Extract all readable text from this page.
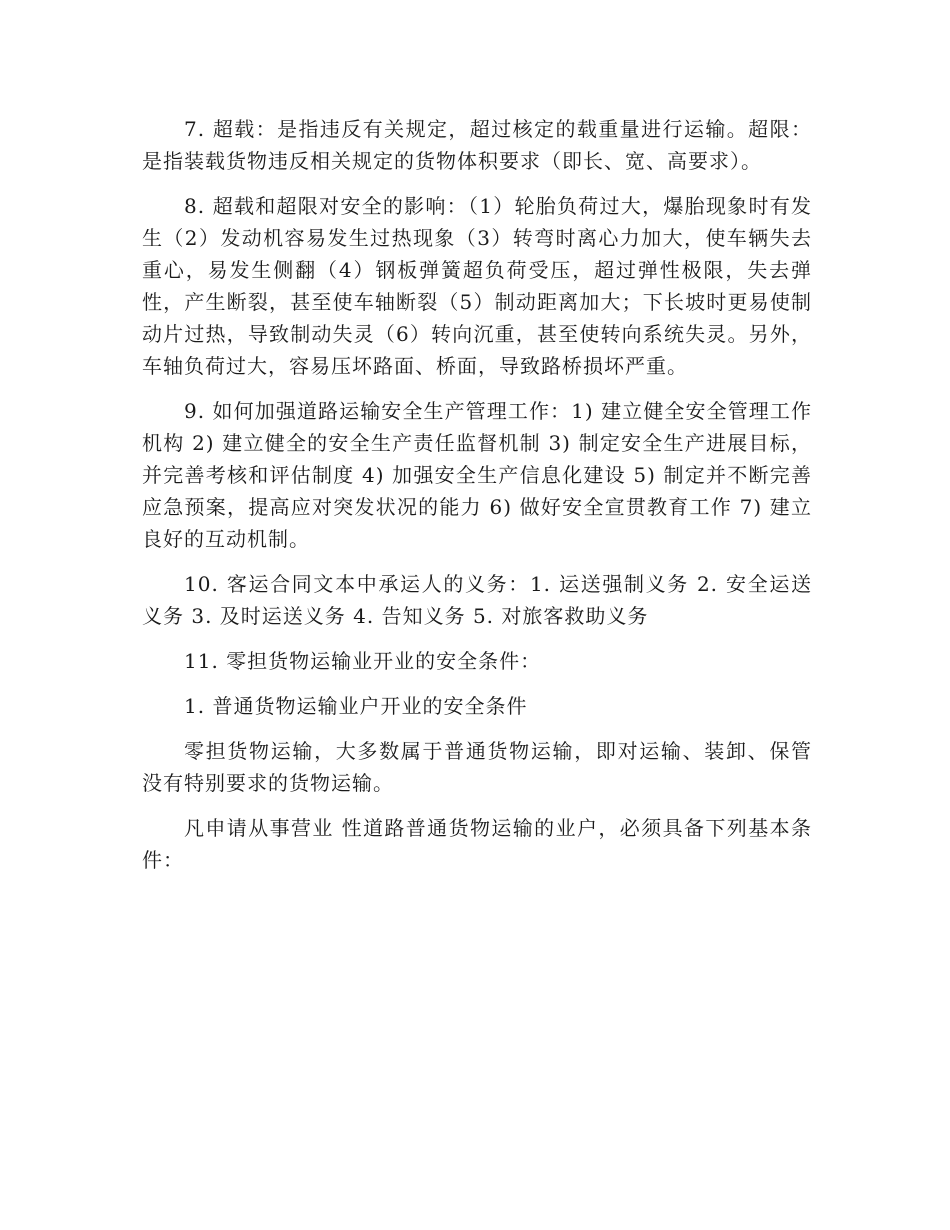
7. 超载：是指违反有关规定，超过核定的载重量进行运输。超限：是指装载货物违反相关规定的货物体积要求（即长、宽、高要求）。

8. 超载和超限对安全的影响：（1）轮胎负荷过大，爆胎现象时有发生（2）发动机容易发生过热现象（3）转弯时离心力加大，使车辆失去重心，易发生侧翻（4）钢板弹簧超负荷受压，超过弹性极限，失去弹性，产生断裂，甚至使车轴断裂（5）制动距离加大；下长坡时更易使制动片过热，导致制动失灵（6）转向沉重，甚至使转向系统失灵。另外，车轴负荷过大，容易压坏路面、桥面，导致路桥损坏严重。

9. 如何加强道路运输安全生产管理工作：1) 建立健全安全管理工作机构 2) 建立健全的安全生产责任监督机制 3) 制定安全生产进展目标，并完善考核和评估制度 4) 加强安全生产信息化建设 5) 制定并不断完善应急预案，提高应对突发状况的能力 6) 做好安全宣贯教育工作 7) 建立良好的互动机制。

10. 客运合同文本中承运人的义务：1. 运送强制义务 2. 安全运送义务 3. 及时运送义务 4. 告知义务 5. 对旅客救助义务

11. 零担货物运输业开业的安全条件：

1. 普通货物运输业户开业的安全条件

零担货物运输，大多数属于普通货物运输，即对运输、装卸、保管没有特别要求的货物运输。

凡申请从事营业 性道路普通货物运输的业户，必须具备下列基本条件：
